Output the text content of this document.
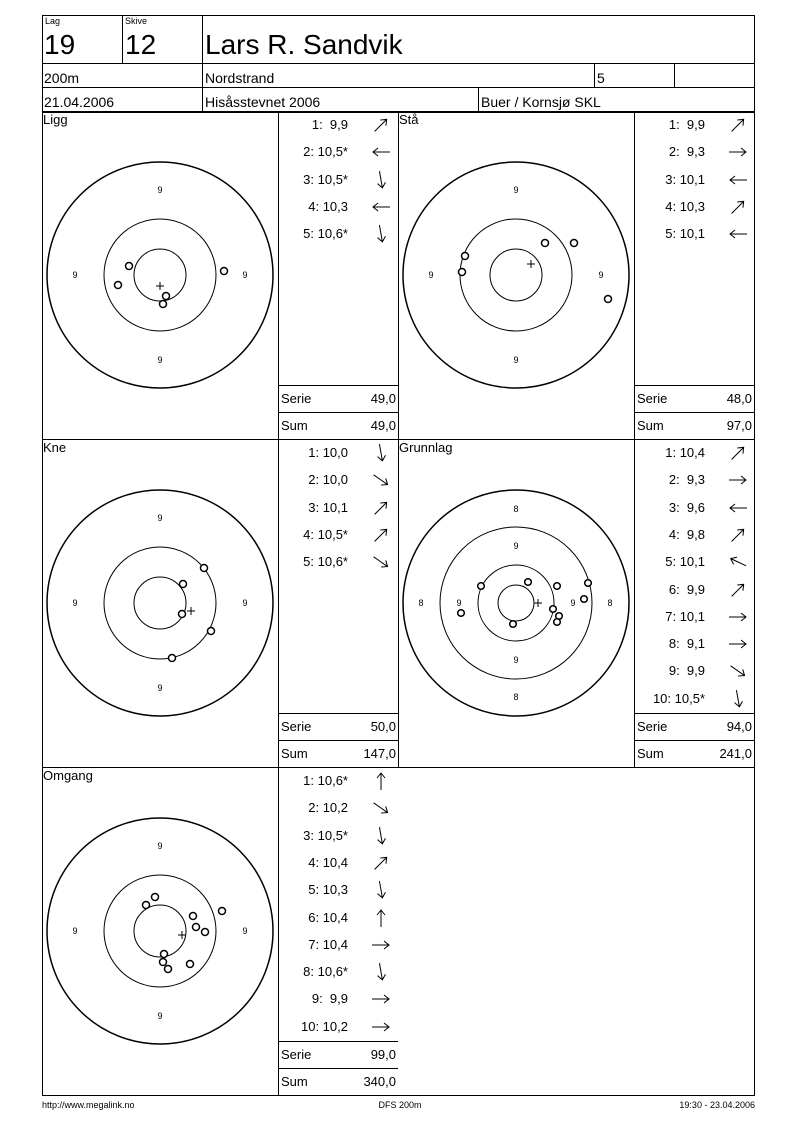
Lag
19
Skive
12 Lars R. Sandvik
200m	Nordstrand	5
21.04.2006	Hisåsstevnet 2006	Buer / Kornsjø SKL
Ligg	Stå
Kne	Grunnlag
Omgang
9
9
9	9
9
9
9	9
9
9
9	9
8
8
8	8
9
9
9	9
9
9
9	9
1:  9,9
2: 10,5*
3: 10,5*
4: 10,3
5: 10,6*
1:  9,9
2:  9,3
3: 10,1
4: 10,3
5: 10,1
1: 10,0
2: 10,0
3: 10,1
4: 10,5*
5: 10,6*
1: 10,4
2:  9,3
3:  9,6
4:  9,8
5: 10,1
6:  9,9
7: 10,1
8:  9,1
9:  9,9
10: 10,5*
1: 10,6*
2: 10,2
3: 10,5*
4: 10,4
5: 10,3
6: 10,4
7: 10,4
8: 10,6*
9:  9,9
10: 10,2
Serie	49,0
Sum	49,0
Serie	48,0
Sum	97,0
Serie	50,0
Sum	147,0
Serie	94,0
Sum	241,0
Serie	99,0
Sum	340,0
http://www.megalink.no	DFS 200m	19:30 - 23.04.2006
